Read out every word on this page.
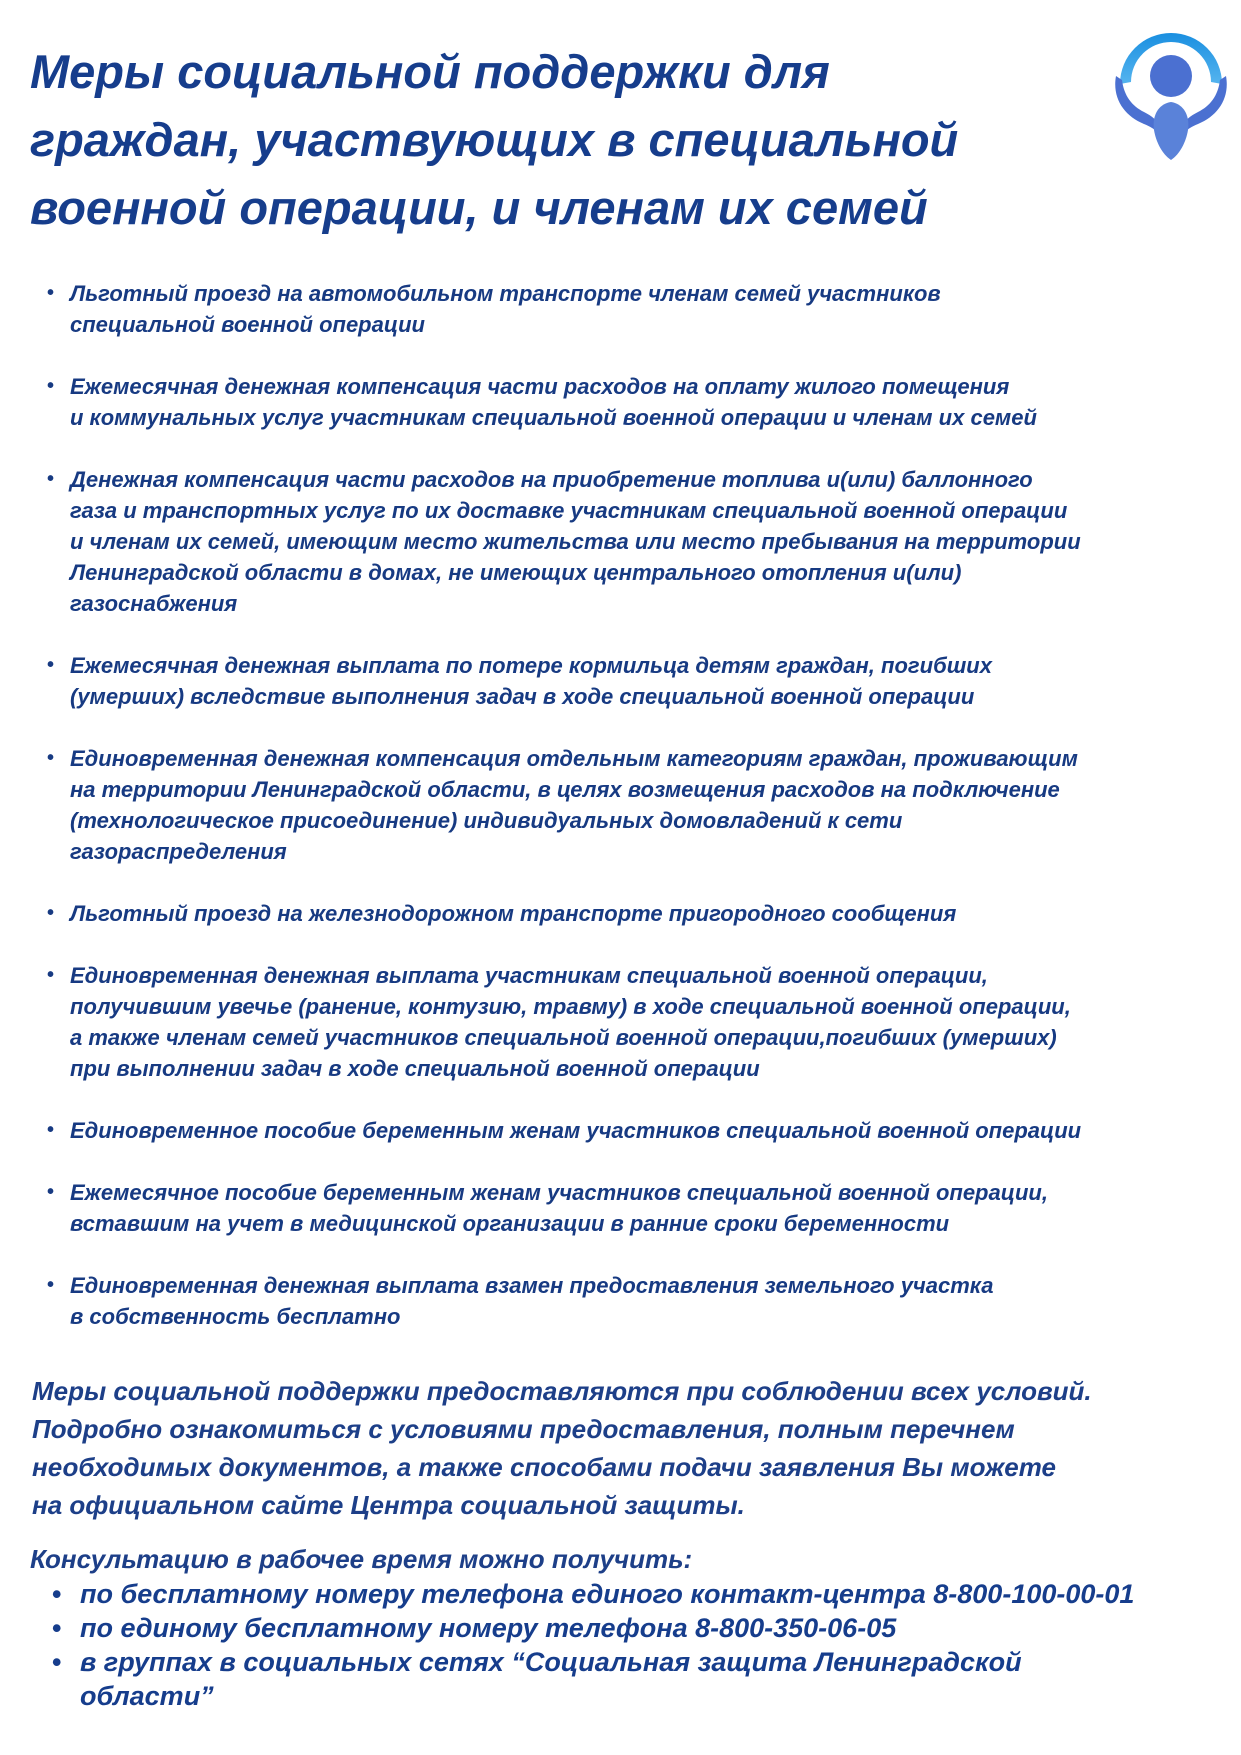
Меры социальной поддержки для
граждан, участвующих в специальной
военной операции, и членам их семей
• Льготный проезд на автомобильном транспорте членам семей участников
специальной военной операции
• Ежемесячная денежная компенсация части расходов на оплату жилого помещения
и коммунальных услуг участникам специальной военной операции и членам их семей
• Денежная компенсация части расходов на приобретение топлива и(или) баллонного
газа и транспортных услуг по их доставке участникам специальной военной операции
и членам их семей, имеющим место жительства или место пребывания на территории
Ленинградской области в домах, не имеющих центрального отопления и(или)
газоснабжения
• Ежемесячная денежная выплата по потере кормильца детям граждан, погибших
(умерших) вследствие выполнения задач в ходе специальной военной операции
• Единовременная денежная компенсация отдельным категориям граждан, проживающим
на территории Ленинградской области, в целях возмещения расходов на подключение
(технологическое присоединение) индивидуальных домовладений к сети
газораспределения
• Льготный проезд на железнодорожном транспорте пригородного сообщения
• Единовременная денежная выплата участникам специальной военной операции,
получившим увечье (ранение, контузию, травму) в ходе специальной военной операции,
а также членам семей участников специальной военной операции,погибших (умерших)
при выполнении задач в ходе специальной военной операции
• Единовременное пособие беременным женам участников специальной военной операции
• Ежемесячное пособие беременным женам участников специальной военной операции,
вставшим на учет в медицинской организации в ранние сроки беременности
• Единовременная денежная выплата взамен предоставления земельного участка
в собственность бесплатно

Меры социальной поддержки предоставляются при соблюдении всех условий.
Подробно ознакомиться с условиями предоставления, полным перечнем
необходимых документов, а также способами подачи заявления Вы можете
на официальном сайте Центра социальной защиты.

Консультацию в рабочее время можно получить:

• по бесплатному номеру телефона единого контакт-центра 8-800-100-00-01
• по единому бесплатному номеру телефона 8-800-350-06-05
• в группах в социальных сетях “Социальная защита Ленинградской
области”
